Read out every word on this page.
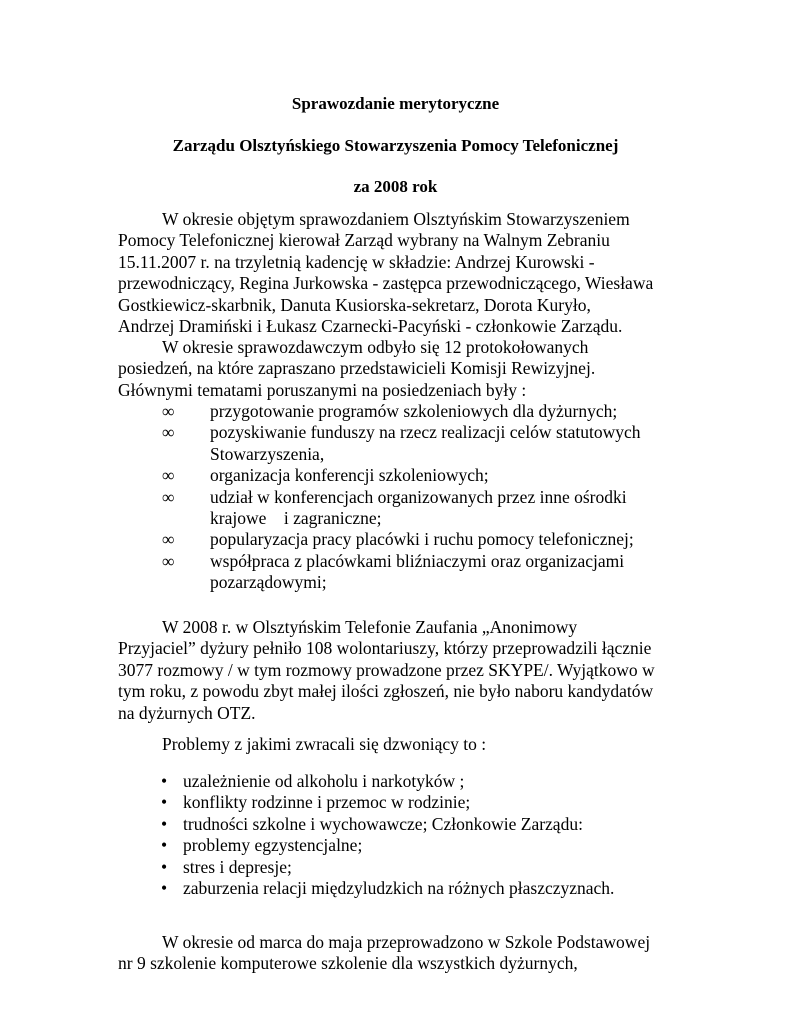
Sprawozdanie merytoryczne
Zarządu Olsztyńskiego Stowarzyszenia Pomocy Telefonicznej
za 2008 rok
W okresie objętym sprawozdaniem Olsztyńskim Stowarzyszeniem
Pomocy Telefonicznej kierował Zarząd wybrany na Walnym Zebraniu
15.11.2007 r. na trzyletnią kadencję w składzie: Andrzej Kurowski -
przewodniczący, Regina Jurkowska - zastępca przewodniczącego, Wiesława
Gostkiewicz-skarbnik, Danuta Kusiorska-sekretarz, Dorota Kuryło,
Andrzej Dramiński i Łukasz Czarnecki-Pacyński - członkowie Zarządu.
W okresie sprawozdawczym odbyło się 12 protokołowanych
posiedzeń, na które zapraszano przedstawicieli Komisji Rewizyjnej.
Głównymi tematami poruszanymi na posiedzeniach były :
∞ przygotowanie programów szkoleniowych dla dyżurnych;
∞ pozyskiwanie funduszy na rzecz realizacji celów statutowych
Stowarzyszenia,
∞ organizacja konferencji szkoleniowych;
∞ udział w konferencjach organizowanych przez inne ośrodki
krajowe    i zagraniczne;
∞ popularyzacja pracy placówki i ruchu pomocy telefonicznej;
∞ współpraca z placówkami bliźniaczymi oraz organizacjami
pozarządowymi;
W 2008 r. w Olsztyńskim Telefonie Zaufania „Anonimowy
Przyjaciel” dyżury pełniło 108 wolontariuszy, którzy przeprowadzili łącznie
3077 rozmowy / w tym rozmowy prowadzone przez SKYPE/. Wyjątkowo w
tym roku, z powodu zbyt małej ilości zgłoszeń, nie było naboru kandydatów
na dyżurnych OTZ.
Problemy z jakimi zwracali się dzwoniący to :
• uzależnienie od alkoholu i narkotyków ;
• konflikty rodzinne i przemoc w rodzinie;
• trudności szkolne i wychowawcze; Członkowie Zarządu:
• problemy egzystencjalne;
• stres i depresje;
• zaburzenia relacji międzyludzkich na różnych płaszczyznach.
W okresie od marca do maja przeprowadzono w Szkole Podstawowej
nr 9 szkolenie komputerowe szkolenie dla wszystkich dyżurnych,
